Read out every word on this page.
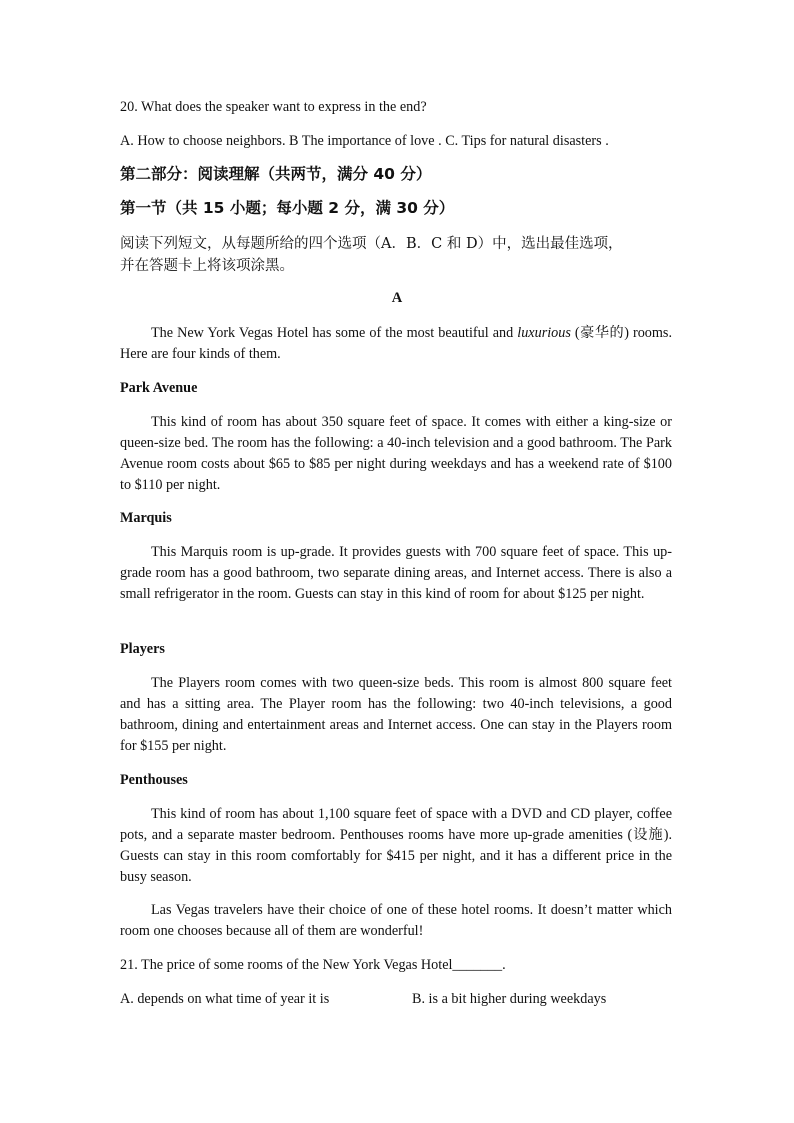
20. What does the speaker want to express in the end?
A. How to choose neighbors. B The importance of love . C. Tips for natural disasters .
第二部分：阅读理解（共两节，满分 40 分）
第一节（共 15 小题；每小题 2 分，满 30 分）
阅读下列短文，从每题所给的四个选项（A．B．C 和 D）中，选出最佳选项，
并在答题卡上将该项涂黑。
A
The New York Vegas Hotel has some of the most beautiful and luxurious (豪华的) rooms. Here are four kinds of them.
Park Avenue
This kind of room has about 350 square feet of space. It comes with either a king-size or queen-size bed. The room has the following: a 40-inch television and a good bathroom. The Park Avenue room costs about $65 to $85 per night during weekdays and has a weekend rate of $100 to $110 per night.
Marquis
This Marquis room is up-grade. It provides guests with 700 square feet of space. This up-grade room has a good bathroom, two separate dining areas, and Internet access. There is also a small refrigerator in the room. Guests can stay in this kind of room for about $125 per night.
Players
The Players room comes with two queen-size beds. This room is almost 800 square feet and has a sitting area. The Player room has the following: two 40-inch televisions, a good bathroom, dining and entertainment areas and Internet access. One can stay in the Players room for $155 per night.
Penthouses
This kind of room has about 1,100 square feet of space with a DVD and CD player, coffee pots, and a separate master bedroom. Penthouses rooms have more up-grade amenities (设施). Guests can stay in this room comfortably for $415 per night, and it has a different price in the busy season.
Las Vegas travelers have their choice of one of these hotel rooms. It doesn’t matter which room one chooses because all of them are wonderful!
21. The price of some rooms of the New York Vegas Hotel_______.
A. depends on what time of year it is	B. is a bit higher during weekdays
